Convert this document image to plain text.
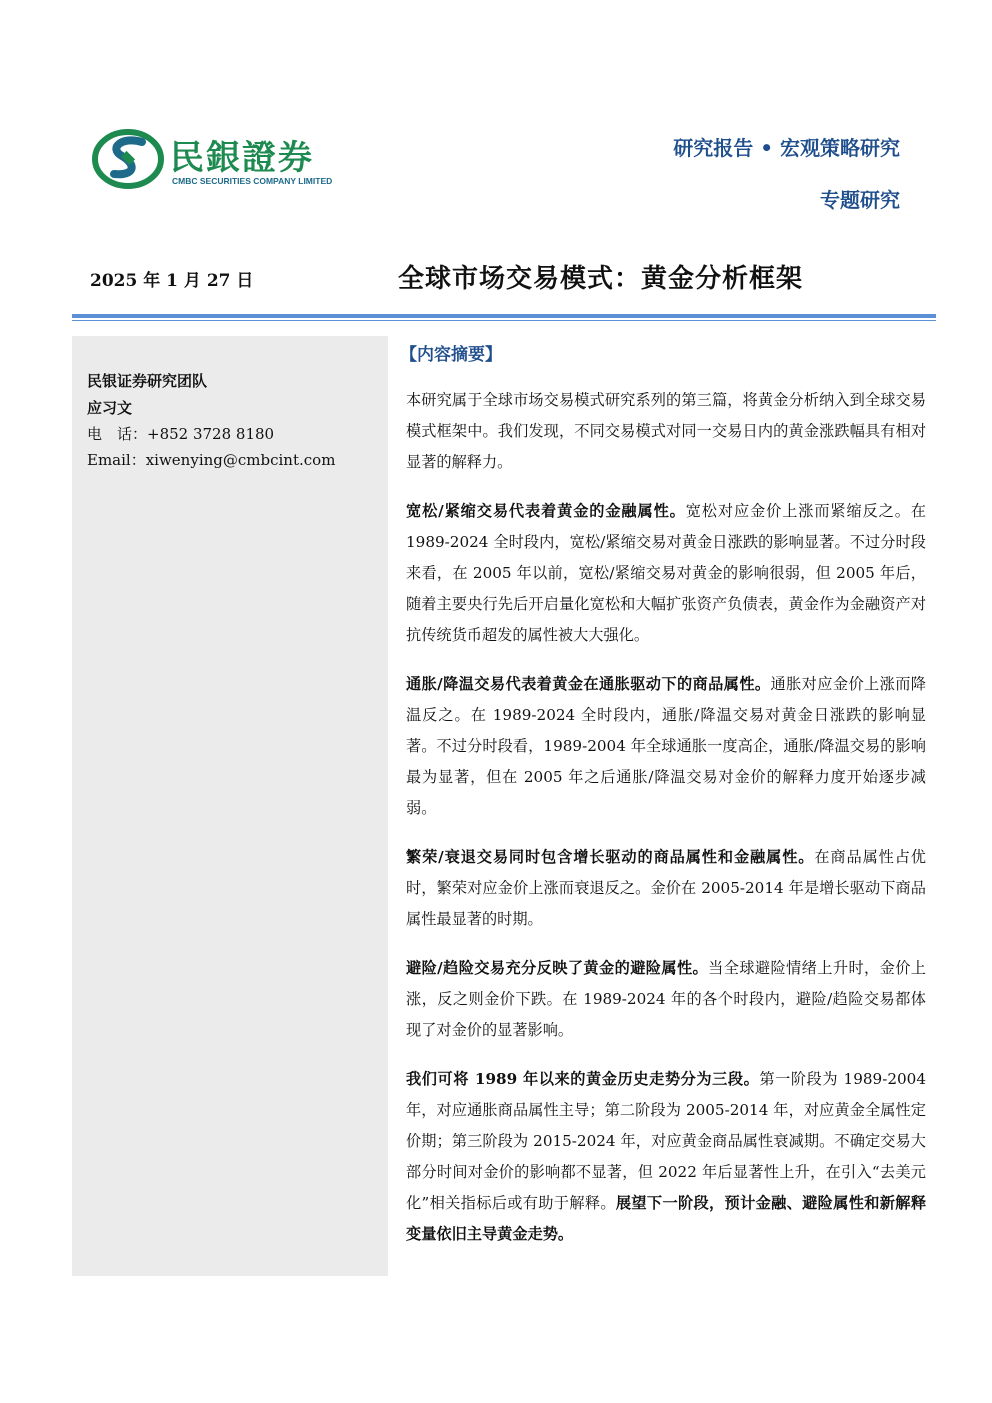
民銀證券
CMBC SECURITIES COMPANY LIMITED
研究报告 • 宏观策略研究
专题研究
2025 年 1 月 27 日	全球市场交易模式：黄金分析框架
民银证券研究团队
应习文
电　话：+852 3728 8180
Email：xiwenying@cmbcint.com
【内容摘要】

本研究属于全球市场交易模式研究系列的第三篇，将黄金分析纳入到全球交易模式框架中。我们发现，不同交易模式对同一交易日内的黄金涨跌幅具有相对显著的解释力。

宽松/紧缩交易代表着黄金的金融属性。宽松对应金价上涨而紧缩反之。在 1989-2024 全时段内，宽松/紧缩交易对黄金日涨跌的影响显著。不过分时段来看，在 2005 年以前，宽松/紧缩交易对黄金的影响很弱，但 2005 年后，随着主要央行先后开启量化宽松和大幅扩张资产负债表，黄金作为金融资产对抗传统货币超发的属性被大大强化。

通胀/降温交易代表着黄金在通胀驱动下的商品属性。通胀对应金价上涨而降温反之。在 1989-2024 全时段内，通胀/降温交易对黄金日涨跌的影响显著。不过分时段看，1989-2004 年全球通胀一度高企，通胀/降温交易的影响最为显著，但在 2005 年之后通胀/降温交易对金价的解释力度开始逐步减弱。

繁荣/衰退交易同时包含增长驱动的商品属性和金融属性。在商品属性占优时，繁荣对应金价上涨而衰退反之。金价在 2005-2014 年是增长驱动下商品属性最显著的时期。

避险/趋险交易充分反映了黄金的避险属性。当全球避险情绪上升时，金价上涨，反之则金价下跌。在 1989-2024 年的各个时段内，避险/趋险交易都体现了对金价的显著影响。

我们可将 1989 年以来的黄金历史走势分为三段。第一阶段为 1989-2004 年，对应通胀商品属性主导；第二阶段为 2005-2014 年，对应黄金全属性定价期；第三阶段为 2015-2024 年，对应黄金商品属性衰减期。不确定交易大部分时间对金价的影响都不显著，但 2022 年后显著性上升，在引入“去美元化”相关指标后或有助于解释。展望下一阶段，预计金融、避险属性和新解释变量依旧主导黄金走势。
